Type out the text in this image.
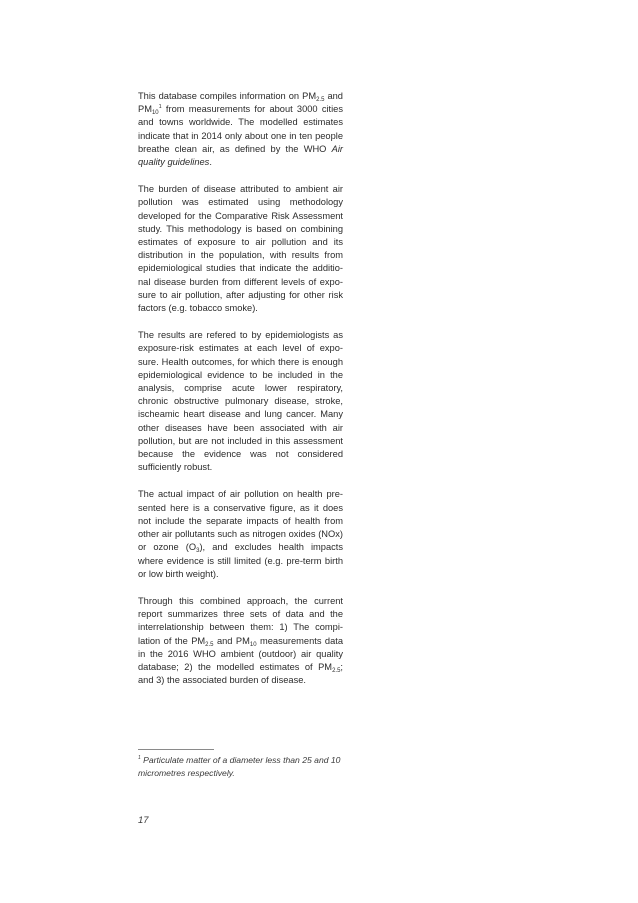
This database compiles information on $PM_{2.5}$ and $PM_{10}^1$ from measurements for about 3000 cities and towns worldwide. The modelled estimates indicate that in 2014 only about one in ten people breathe clean air, as defined by the WHO Air quality guidelines.

The burden of disease attributed to ambient air pollution was estimated using methodology developed for the Comparative Risk Assessment study. This methodology is based on combining estimates of exposure to air pollution and its distribution in the population, with results from epidemiological studies that indicate the additional disease burden from different levels of exposure to air pollution, after adjusting for other risk factors (e.g. tobacco smoke).

The results are refered to by epidemiologists as exposure-risk estimates at each level of exposure. Health outcomes, for which there is enough epidemiological evidence to be included in the analysis, comprise acute lower respiratory, chronic obstructive pulmonary disease, stroke, ischeamic heart disease and lung cancer. Many other diseases have been associated with air pollution, but are not included in this assessment because the evidence was not considered sufficiently robust.

The actual impact of air pollution on health presented here is a conservative figure, as it does not include the separate impacts of health from other air pollutants such as nitrogen oxides (NOx) or ozone $(O_3)$, and excludes health impacts where evidence is still limited (e.g. pre-term birth or low birth weight).

Through this combined approach, the current report summarizes three sets of data and the interrelationship between them: 1) The compilation of the $PM_{2.5}$ and $PM_{10}$ measurements data in the 2016 WHO ambient (outdoor) air quality database; 2) the modelled estimates of $PM_{2.5}$; and 3) the associated burden of disease.

$^1$ Particulate matter of a diameter less than 25 and 10 micrometres respectively.
17
